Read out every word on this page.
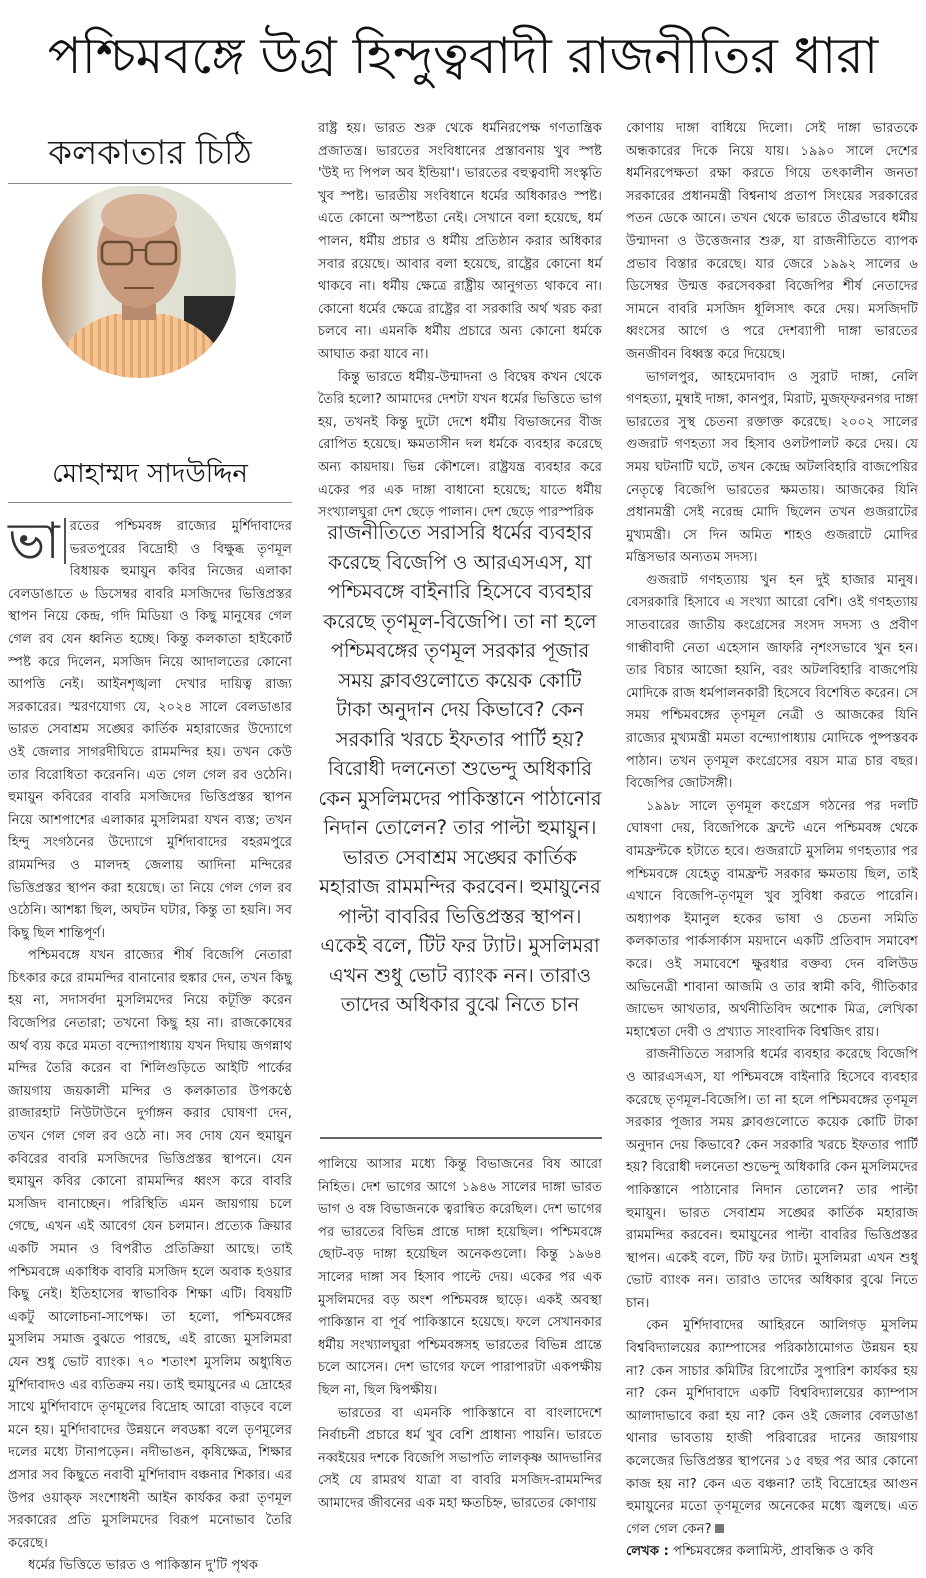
পশ্চিমবঙ্গে উগ্র হিন্দুত্ববাদী রাজনীতির ধারা
কলকাতার চিঠি
মোহাম্মদ সাদউদ্দিন

ভা রতের পশ্চিমবঙ্গ রাজ্যের মুর্শিদাবাদের ভরতপুরের বিদ্রোহী ও বিক্ষুব্ধ তৃণমূল বিধায়ক হুমায়ুন কবির নিজের এলাকা বেলডাঙাতে ৬ ডিসেম্বর বাবরি মসজিদের ভিত্তিপ্রস্তর স্থাপন নিয়ে কেন্দ্র, গদি মিডিয়া ও কিছু মানুষের গেল গেল রব যেন ধ্বনিত হচ্ছে। কিন্তু কলকাতা হাইকোর্ট স্পষ্ট করে দিলেন, মসজিদ নিয়ে আদালতের কোনো আপত্তি নেই। আইনশৃঙ্খলা দেখার দায়িত্ব রাজ্য সরকারের। স্মরণযোগ্য যে, ২০২৪ সালে বেলডাঙার ভারত সেবাশ্রম সঙ্ঘের কার্তিক মহারাজের উদ্যোগে ওই জেলার সাগরদীঘিতে রামমন্দির হয়। তখন কেউ তার বিরোধিতা করেননি। এত গেল গেল রব ওঠেনি। হুমায়ুন কবিরের বাবরি মসজিদের ভিত্তিপ্রস্তর স্থাপন নিয়ে আশপাশের এলাকার মুসলিমরা যখন ব্যস্ত; তখন হিন্দু সংগঠনের উদ্যোগে মুর্শিদাবাদের বহরমপুরে রামমন্দির ও মালদহ জেলায় আদিনা মন্দিরের ভিত্তিপ্রস্তর স্থাপন করা হয়েছে। তা নিয়ে গেল গেল রব ওঠেনি। আশঙ্কা ছিল, অঘটন ঘটার, কিন্তু তা হয়নি। সব কিছু ছিল শান্তিপূর্ণ।

পশ্চিমবঙ্গে যখন রাজ্যের শীর্ষ বিজেপি নেতারা চিৎকার করে রামমন্দির বানানোর হুঙ্কার দেন, তখন কিছু হয় না, সদাসর্বদা মুসলিমদের নিয়ে কটূক্তি করেন বিজেপির নেতারা; তখনো কিছু হয় না। রাজকোষের অর্থ ব্যয় করে মমতা বন্দ্যোপাধ্যায় যখন দিঘায় জগন্নাথ মন্দির তৈরি করেন বা শিলিগুড়িতে আইটি পার্কের জায়গায় জয়কালী মন্দির ও কলকাতার উপকণ্ঠে রাজারহাট নিউটাউনে দুর্গাঙ্গন করার ঘোষণা দেন, তখন গেল গেল রব ওঠে না। সব দোষ যেন হুমায়ুন কবিরের বাবরি মসজিদের ভিত্তিপ্রস্তর স্থাপনে। যেন হুমায়ুন কবির কোনো রামমন্দির ধ্বংস করে বাবরি মসজিদ বানাচ্ছেন। পরিস্থিতি এমন জায়গায় চলে গেছে, এখন এই আবেগ যেন চলমান। প্রত্যেক ক্রিয়ার একটি সমান ও বিপরীত প্রতিক্রিয়া আছে। তাই পশ্চিমবঙ্গে একাধিক বাবরি মসজিদ হলে অবাক হওয়ার কিছু নেই। ইতিহাসের স্বাভাবিক শিক্ষা এটি। বিষয়টি একটু আলোচনা-সাপেক্ষ। তা হলো, পশ্চিমবঙ্গের মুসলিম সমাজ বুঝতে পারছে, এই রাজ্যে মুসলিমরা যেন শুধু ভোট ব্যাংক। ৭০ শতাংশ মুসলিম অধ্যুষিত মুর্শিদাবাদও এর ব্যতিক্রম নয়। তাই হুমায়ুনের এ দ্রোহের সাথে মুর্শিদাবাদে তৃণমূলের বিদ্রোহ আরো বাড়বে বলে মনে হয়। মুর্শিদাবাদের উন্নয়নে লবডঙ্কা বলে তৃণমূলের দলের মধ্যে টানাপড়েন। নদীভাঙন, কৃষিক্ষেত্র, শিক্ষার প্রসার সব কিছুতে নবাবী মুর্শিদাবাদ বঞ্চনার শিকার। এর উপর ওয়াক্ফ সংশোধনী আইন কার্যকর করা তৃণমূল সরকারের প্রতি মুসলিমদের বিরূপ মনোভাব তৈরি করেছে।

ধর্মের ভিত্তিতে ভারত ও পাকিস্তান দু'টি পৃথক

রাষ্ট্র হয়। ভারত শুরু থেকে ধর্মনিরপেক্ষ গণতান্ত্রিক প্রজাতন্ত্র। ভারতের সংবিধানের প্রস্তাবনায় খুব স্পষ্ট 'উই দ্য পিপল অব ইন্ডিয়া'। ভারতের বহুত্ববাদী সংস্কৃতি খুব স্পষ্ট। ভারতীয় সংবিধানে ধর্মের অধিকারও স্পষ্ট। এতে কোনো অস্পষ্টতা নেই। সেখানে বলা হয়েছে, ধর্ম পালন, ধর্মীয় প্রচার ও ধর্মীয় প্রতিষ্ঠান করার অধিকার সবার রয়েছে। আবার বলা হয়েছে, রাষ্ট্রের কোনো ধর্ম থাকবে না। ধর্মীয় ক্ষেত্রে রাষ্ট্রীয় আনুগত্য থাকবে না। কোনো ধর্মের ক্ষেত্রে রাষ্ট্রের বা সরকারি অর্থ খরচ করা চলবে না। এমনকি ধর্মীয় প্রচারে অন্য কোনো ধর্মকে আঘাত করা যাবে না।

কিন্তু ভারতে ধর্মীয়-উন্মাদনা ও বিদ্বেষ কখন থেকে তৈরি হলো? আমাদের দেশটা যখন ধর্মের ভিত্তিতে ভাগ হয়, তখনই কিন্তু দুটো দেশে ধর্মীয় বিভাজনের বীজ রোপিত হয়েছে। ক্ষমতাসীন দল ধর্মকে ব্যবহার করেছে অন্য কায়দায়। ভিন্ন কৌশলে। রাষ্ট্রযন্ত্র ব্যবহার করে একের পর এক দাঙ্গা বাধানো হয়েছে; যাতে ধর্মীয় সংখ্যালঘুরা দেশ ছেড়ে পালান। দেশ ছেড়ে পারস্পরিক

রাজনীতিতে সরাসরি ধর্মের ব্যবহার করেছে বিজেপি ও আরএসএস, যা পশ্চিমবঙ্গে বাইনারি হিসেবে ব্যবহার করেছে তৃণমূল-বিজেপি। তা না হলে পশ্চিমবঙ্গের তৃণমূল সরকার পূজার সময় ক্লাবগুলোতে কয়েক কোটি টাকা অনুদান দেয় কিভাবে? কেন সরকারি খরচে ইফতার পার্টি হয়? বিরোধী দলনেতা শুভেন্দু অধিকারি কেন মুসলিমদের পাকিস্তানে পাঠানোর নিদান তোলেন? তার পাল্টা হুমায়ুন। ভারত সেবাশ্রম সঙ্ঘের কার্তিক মহারাজ রামমন্দির করবেন। হুমায়ুনের পাল্টা বাবরির ভিত্তিপ্রস্তর স্থাপন। একেই বলে, টিট ফর ট্যাট। মুসলিমরা এখন শুধু ভোট ব্যাংক নন। তারাও তাদের অধিকার বুঝে নিতে চান

পালিয়ে আসার মধ্যে কিন্তু বিভাজনের বিষ আরো নিহিত। দেশ ভাগের আগে ১৯৪৬ সালের দাঙ্গা ভারত ভাগ ও বঙ্গ বিভাজনকে ত্বরান্বিত করেছিল। দেশ ভাগের পর ভারতের বিভিন্ন প্রান্তে দাঙ্গা হয়েছিল। পশ্চিমবঙ্গে ছোট-বড় দাঙ্গা হয়েছিল অনেকগুলো। কিন্তু ১৯৬৪ সালের দাঙ্গা সব হিসাব পাল্টে দেয়। একের পর এক মুসলিমদের বড় অংশ পশ্চিমবঙ্গ ছাড়ে। একই অবস্থা পাকিস্তান বা পূর্ব পাকিস্তানে হয়েছে। ফলে সেখানকার ধর্মীয় সংখ্যালঘুরা পশ্চিমবঙ্গসহ ভারতের বিভিন্ন প্রান্তে চলে আসেন। দেশ ভাগের ফলে পারাপারটা একপক্ষীয় ছিল না, ছিল দ্বিপক্ষীয়।

ভারতের বা এমনকি পাকিস্তানে বা বাংলাদেশে নির্বাচনী প্রচারে ধর্ম খুব বেশি প্রাধান্য পায়নি। ভারতে নব্বইয়ের দশকে বিজেপি সভাপতি লালকৃষ্ণ আদভানির সেই যে রামরথ যাত্রা বা বাবরি মসজিদ-রামমন্দির আমাদের জীবনের এক মহা ক্ষতচিহ্ন, ভারতের কোণায়

কোণায় দাঙ্গা বাধিয়ে দিলো। সেই দাঙ্গা ভারতকে অন্ধকারের দিকে নিয়ে যায়। ১৯৯০ সালে দেশের ধর্মনিরপেক্ষতা রক্ষা করতে গিয়ে তৎকালীন জনতা সরকারের প্রধানমন্ত্রী বিশ্বনাথ প্রতাপ সিংয়ের সরকারের পতন ডেকে আনে। তখন থেকে ভারতে তীব্রভাবে ধর্মীয় উন্মাদনা ও উত্তেজনার শুরু, যা রাজনীতিতে ব্যাপক প্রভাব বিস্তার করেছে। যার জেরে ১৯৯২ সালের ৬ ডিসেম্বর উন্মত্ত করসেবকরা বিজেপির শীর্ষ নেতাদের সামনে বাবরি মসজিদ ধূলিসাৎ করে দেয়। মসজিদটি ধ্বংসের আগে ও পরে দেশব্যাপী দাঙ্গা ভারতের জনজীবন বিধ্বস্ত করে দিয়েছে।

ভাগলপুর, আহমেদাবাদ ও সুরাট দাঙ্গা, নেলি গণহত্যা, মুম্বাই দাঙ্গা, কানপুর, মিরাট, মুজফ্ফরনগর দাঙ্গা ভারতের সুস্থ চেতনা রক্তাক্ত করেছে। ২০০২ সালের গুজরাট গণহত্যা সব হিসাব ওলটপালট করে দেয়। যে সময় ঘটনাটি ঘটে, তখন কেন্দ্রে অটলবিহারি বাজপেয়ির নেতৃত্বে বিজেপি ভারতের ক্ষমতায়। আজকের যিনি প্রধানমন্ত্রী সেই নরেন্দ্র মোদি ছিলেন তখন গুজরাটের মুখ্যমন্ত্রী। সে দিন অমিত শাহও গুজরাটে মোদির মন্ত্রিসভার অন্যতম সদস্য।

গুজরাট গণহত্যায় খুন হন দুই হাজার মানুষ। বেসরকারি হিসাবে এ সংখ্যা আরো বেশি। ওই গণহত্যায় সাতবারের জাতীয় কংগ্রেসের সংসদ সদস্য ও প্রবীণ গান্ধীবাদী নেতা এহেসান জাফরি নৃশংসভাবে খুন হন। তার বিচার আজো হয়নি, বরং অটলবিহারি বাজপেয়ি মোদিকে রাজ ধর্মপালনকারী হিসেবে বিশেষিত করেন। সে সময় পশ্চিমবঙ্গের তৃণমূল নেত্রী ও আজকের যিনি রাজ্যের মুখ্যমন্ত্রী মমতা বন্দ্যোপাধ্যায় মোদিকে পুষ্পস্তবক পাঠান। তখন তৃণমূল কংগ্রেসের বয়স মাত্র চার বছর। বিজেপির জোটসঙ্গী।

১৯৯৮ সালে তৃণমূল কংগ্রেস গঠনের পর দলটি ঘোষণা দেয়, বিজেপিকে ফ্রন্টে এনে পশ্চিমবঙ্গ থেকে বামফ্রন্টকে হটাতে হবে। গুজরাটে মুসলিম গণহত্যার পর পশ্চিমবঙ্গে যেহেতু বামফ্রন্ট সরকার ক্ষমতায় ছিল, তাই এখানে বিজেপি-তৃণমূল খুব সুবিধা করতে পারেনি। অধ্যাপক ইমানুল হকের ভাষা ও চেতনা সমিতি কলকাতার পার্কসার্কাস ময়দানে একটি প্রতিবাদ সমাবেশ করে। ওই সমাবেশে ক্ষুরধার বক্তব্য দেন বলিউড অভিনেত্রী শাবানা আজমি ও তার স্বামী কবি, গীতিকার জাভেদ আখতার, অর্থনীতিবিদ অশোক মিত্র, লেখিকা মহাশ্বেতা দেবী ও প্রখ্যাত সাংবাদিক বিশ্বজিৎ রায়।

রাজনীতিতে সরাসরি ধর্মের ব্যবহার করেছে বিজেপি ও আরএসএস, যা পশ্চিমবঙ্গে বাইনারি হিসেবে ব্যবহার করেছে তৃণমূল-বিজেপি। তা না হলে পশ্চিমবঙ্গের তৃণমূল সরকার পূজার সময় ক্লাবগুলোতে কয়েক কোটি টাকা অনুদান দেয় কিভাবে? কেন সরকারি খরচে ইফতার পার্টি হয়? বিরোধী দলনেতা শুভেন্দু অধিকারি কেন মুসলিমদের পাকিস্তানে পাঠানোর নিদান তোলেন? তার পাল্টা হুমায়ুন। ভারত সেবাশ্রম সঙ্ঘের কার্তিক মহারাজ রামমন্দির করবেন। হুমায়ুনের পাল্টা বাবরির ভিত্তিপ্রস্তর স্থাপন। একেই বলে, টিট ফর ট্যাট। মুসলিমরা এখন শুধু ভোট ব্যাংক নন। তারাও তাদের অধিকার বুঝে নিতে চান।

কেন মুর্শিদাবাদের আহিরনে আলিগড় মুসলিম বিশ্ববিদ্যালয়ের ক্যাম্পাসের পরিকাঠামোগত উন্নয়ন হয় না? কেন সাচার কমিটির রিপোর্টের সুপারিশ কার্যকর হয় না? কেন মুর্শিদাবাদে একটি বিশ্ববিদ্যালয়ের ক্যাম্পাস আলাদাভাবে করা হয় না? কেন ওই জেলার বেলডাঙা থানার ভাবতায় হাজী পরিবারের দানের জায়গায় কলেজের ভিত্তিপ্রস্তর স্থাপনের ১৫ বছর পর আর কোনো কাজ হয় না? কেন এত বঞ্চনা? তাই বিদ্রোহের আগুন হুমায়ুনের মতো তৃণমূলের অনেকের মধ্যে জ্বলছে। এত গেল গেল কেন?

লেখক : পশ্চিমবঙ্গের কলামিস্ট, প্রাবন্ধিক ও কবি
